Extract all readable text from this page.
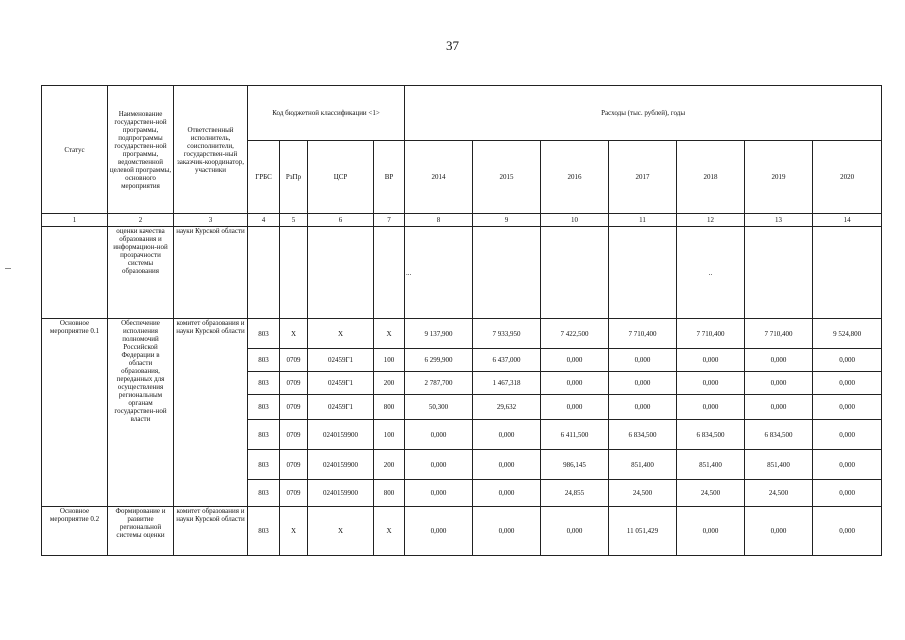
37
Статус	Наименование государствен-ной программы, подпрограммы государствен-ной программы, ведомственной целевой программы, основного мероприятия	Ответственный исполнитель, соисполнители, государствен-ный заказчик-координатор, участники	Код бюджетной классификации <1>				Расходы (тыс. рублей), годы						
			ГРБС	РзПр	ЦСР	ВР	2014	2015	2016	2017	2018	2019	2020
1	2	3	4	5	6	7	8	9	10	11	12	13	14
	оценки качества образования и информацион-ной прозрачности системы образования	науки Курской области					...				..		
Основное мероприятие 0.1	Обеспечение исполнения полномочий Российской Федерации в области образования, переданных для осуществления региональным органам государствен-ной власти	комитет образования и науки Курской области	803	Х	Х	Х	9 137,900	7 933,950	7 422,500	7 710,400	7 710,400	7 710,400	9 524,800
			803	0709	02459Г1	100	6 299,900	6 437,000	0,000	0,000	0,000	0,000	0,000
			803	0709	02459Г1	200	2 787,700	1 467,318	0,000	0,000	0,000	0,000	0,000
			803	0709	02459Г1	800	50,300	29,632	0,000	0,000	0,000	0,000	0,000
			803	0709	0240159900	100	0,000	0,000	6 411,500	6 834,500	6 834,500	6 834,500	0,000
			803	0709	0240159900	200	0,000	0,000	986,145	851,400	851,400	851,400	0,000
			803	0709	0240159900	800	0,000	0,000	24,855	24,500	24,500	24,500	0,000
Основное мероприятие 0.2	Формирование и развитие региональной системы оценки	комитет образования и науки Курской области	803	Х	Х	Х	0,000	0,000	0,000	11 051,429	0,000	0,000	0,000
